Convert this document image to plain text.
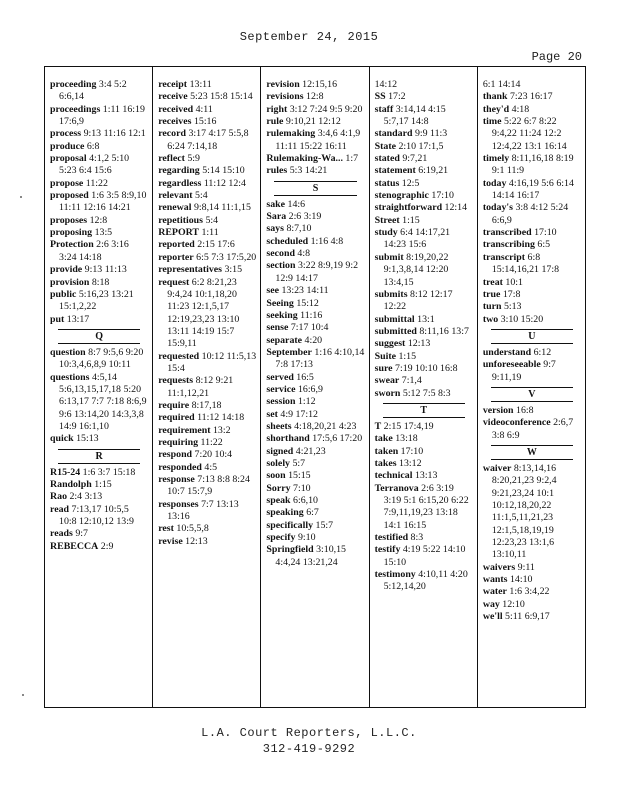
September 24, 2015
Page 20
proceeding 3:4 5:2 6:6,14
proceedings 1:11 16:19 17:6,9
process 9:13 11:16 12:1
produce 6:8
proposal 4:1,2 5:10 5:23 6:4 15:6
propose 11:22
proposed 1:6 3:5 8:9,10 11:11 12:16 14:21
proposes 12:8
proposing 13:5
Protection 2:6 3:16 3:24 14:18
provide 9:13 11:13
provision 8:18
public 5:16,23 13:21 15:1,2,22
put 13:17
Q
question 8:7 9:5,6 9:20 10:3,4,6,8,9 10:11
questions 4:5,14 5:6,13,15,17,18 5:20 6:13,17 7:7 7:18 8:6,9 9:6 13:14,20 14:3,3,8 14:9 16:1,10
quick 15:13
R
R15-24 1:6 3:7 15:18
Randolph 1:15
Rao 2:4 3:13
read 7:13,17 10:5,5 10:8 12:10,12 13:9
reads 9:7
REBECCA 2:9
receipt 13:11
receive 5:23 15:8 15:14
received 4:11
receives 15:16
record 3:17 4:17 5:5,8 6:24 7:14,18
reflect 5:9
regarding 5:14 15:10
regardless 11:12 12:4
relevant 5:4
renewal 9:8,14 11:1,15
repetitious 5:4
REPORT 1:11
reported 2:15 17:6
reporter 6:5 7:3 17:5,20
representatives 3:15
request 6:2 8:21,23 9:4,24 10:1,18,20 11:23 12:1,5,17 12:19,23,23 13:10 13:11 14:19 15:7 15:9,11
requested 10:12 11:5,13 15:4
requests 8:12 9:21 11:1,12,21
require 8:17,18
required 11:12 14:18
requirement 13:2
requiring 11:22
respond 7:20 10:4
responded 4:5
response 7:13 8:8 8:24 10:7 15:7,9
responses 7:7 13:13 13:16
rest 10:5,5,8
revise 12:13
revision 12:15,16
revisions 12:8
right 3:12 7:24 9:5 9:20
rule 9:10,21 12:12
rulemaking 3:4,6 4:1,9 11:11 15:22 16:11
Rulemaking-Wa... 1:7
rules 5:3 14:21
S
sake 14:6
Sara 2:6 3:19
says 8:7,10
scheduled 1:16 4:8
second 4:8
section 3:22 8:9,19 9:2 12:9 14:17
see 13:23 14:11
Seeing 15:12
seeking 11:16
sense 7:17 10:4
separate 4:20
September 1:16 4:10,14 7:8 17:13
served 16:5
service 16:6,9
session 1:12
set 4:9 17:12
sheets 4:18,20,21 4:23
shorthand 17:5,6 17:20
signed 4:21,23
solely 5:7
soon 15:15
Sorry 7:10
speak 6:6,10
speaking 6:7
specifically 15:7
specify 9:10
Springfield 3:10,15 4:4,24 13:21,24
14:12
SS 17:2
staff 3:14,14 4:15 5:7,17 14:8
standard 9:9 11:3
State 2:10 17:1,5
stated 9:7,21
statement 6:19,21
status 12:5
stenographic 17:10
straightforward 12:14
Street 1:15
study 6:4 14:17,21 14:23 15:6
submit 8:19,20,22 9:1,3,8,14 12:20 13:4,15
submits 8:12 12:17 12:22
submittal 13:1
submitted 8:11,16 13:7
suggest 12:13
Suite 1:15
sure 7:19 10:10 16:8
swear 7:1,4
sworn 5:12 7:5 8:3
T
T 2:15 17:4,19
take 13:18
taken 17:10
takes 13:12
technical 13:13
Terranova 2:6 3:19 3:19 5:1 6:15,20 6:22 7:9,11,19,23 13:18 14:1 16:15
testified 8:3
testify 4:19 5:22 14:10 15:10
testimony 4:10,11 4:20 5:12,14,20
6:1 14:14
thank 7:23 16:17
they'd 4:18
time 5:22 6:7 8:22 9:4,22 11:24 12:2 12:4,22 13:1 16:14
timely 8:11,16,18 8:19 9:1 11:9
today 4:16,19 5:6 6:14 14:14 16:17
today's 3:8 4:12 5:24 6:6,9
transcribed 17:10
transcribing 6:5
transcript 6:8 15:14,16,21 17:8
treat 10:1
true 17:8
turn 5:13
two 3:10 15:20
U
understand 6:12
unforeseeable 9:7 9:11,19
V
version 16:8
videoconference 2:6,7 3:8 6:9
W
waiver 8:13,14,16 8:20,21,23 9:2,4 9:21,23,24 10:1 10:12,18,20,22 11:1,5,11,21,23 12:1,5,18,19,19 12:23,23 13:1,6 13:10,11
waivers 9:11
wants 14:10
water 1:6 3:4,22
way 12:10
we'll 5:11 6:9,17
L.A. Court Reporters, L.L.C.
312-419-9292
